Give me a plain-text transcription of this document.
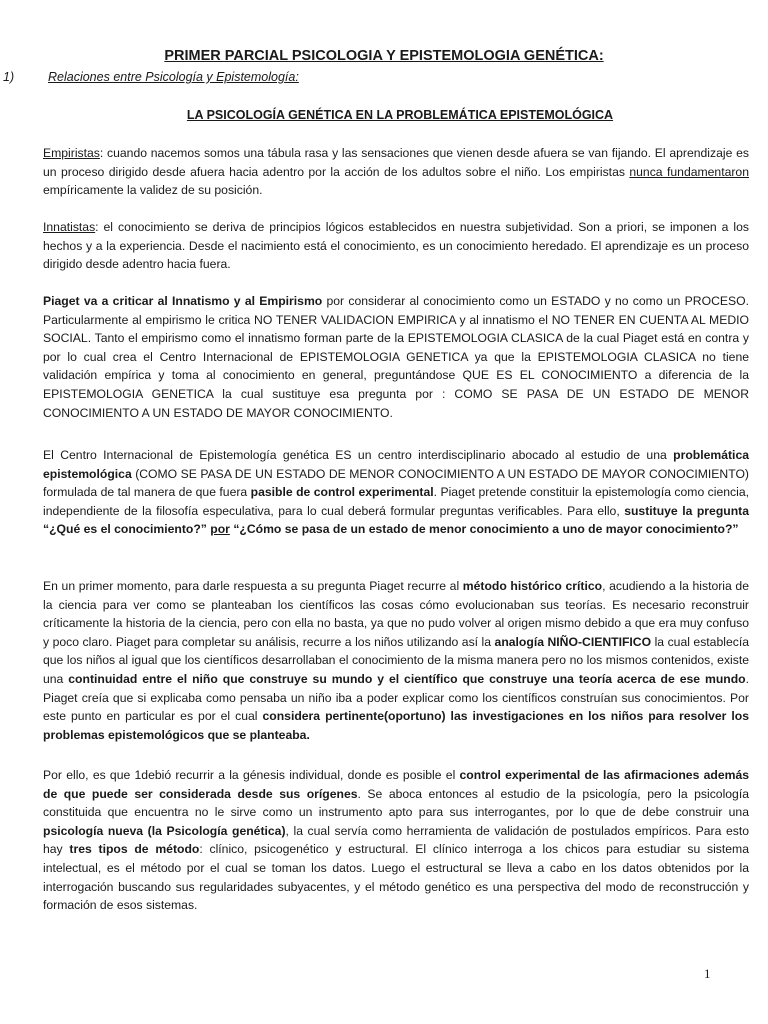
PRIMER PARCIAL PSICOLOGIA Y EPISTEMOLOGIA GENÉTICA:
1)	Relaciones entre Psicología y Epistemología:
LA PSICOLOGÍA GENÉTICA EN LA PROBLEMÁTICA EPISTEMOLÓGICA
Empiristas: cuando nacemos somos una tábula rasa y las sensaciones que vienen desde afuera se van fijando. El aprendizaje es un proceso dirigido desde afuera hacia adentro por la acción de los adultos sobre el niño. Los empiristas nunca fundamentaron empíricamente la validez de su posición.
Innatistas: el conocimiento se deriva de principios lógicos establecidos en nuestra subjetividad. Son a priori, se imponen a los hechos y a la experiencia. Desde el nacimiento está el conocimiento, es un conocimiento heredado. El aprendizaje es un proceso dirigido desde adentro hacia fuera.
Piaget va a criticar al Innatismo y al Empirismo por considerar al conocimiento como un ESTADO y no como un PROCESO. Particularmente al empirismo le critica NO TENER VALIDACION EMPIRICA y al innatismo el NO TENER EN CUENTA AL MEDIO SOCIAL. Tanto el empirismo como el innatismo forman parte de la EPISTEMOLOGIA CLASICA de la cual Piaget está en contra y por lo cual crea el Centro Internacional de EPISTEMOLOGIA GENETICA ya que la EPISTEMOLOGIA CLASICA no tiene validación empírica y toma al conocimiento en general, preguntándose QUE ES EL CONOCIMIENTO a diferencia de la EPISTEMOLOGIA GENETICA la cual sustituye esa pregunta por : COMO SE PASA DE UN ESTADO DE MENOR CONOCIMIENTO A UN ESTADO DE MAYOR CONOCIMIENTO.
El Centro Internacional de Epistemología genética ES un centro interdisciplinario abocado al estudio de una problemática epistemológica (COMO SE PASA DE UN ESTADO DE MENOR CONOCIMIENTO A UN ESTADO DE MAYOR CONOCIMIENTO) formulada de tal manera de que fuera pasible de control experimental. Piaget pretende constituir la epistemología como ciencia, independiente de la filosofía especulativa, para lo cual deberá formular preguntas verificables. Para ello, sustituye la pregunta “¿Qué es el conocimiento?” por “¿Cómo se pasa de un estado de menor conocimiento a uno de mayor conocimiento?”
En un primer momento, para darle respuesta a su pregunta Piaget recurre al método histórico crítico, acudiendo a la historia de la ciencia para ver como se planteaban los científicos las cosas cómo evolucionaban sus teorías. Es necesario reconstruir críticamente la historia de la ciencia, pero con ella no basta, ya que no pudo volver al origen mismo debido a que era muy confuso y poco claro. Piaget para completar su análisis, recurre a los niños utilizando así la analogía NIÑO-CIENTIFICO la cual establecía que los niños al igual que los científicos desarrollaban el conocimiento de la misma manera pero no los mismos contenidos, existe una continuidad entre el niño que construye su mundo y el científico que construye una teoría acerca de ese mundo. Piaget creía que si explicaba como pensaba un niño iba a poder explicar como los científicos construían sus conocimientos. Por este punto en particular es por el cual considera pertinente(oportuno) las investigaciones en los niños para resolver los problemas epistemológicos que se planteaba.
Por ello, es que 1debió recurrir a la génesis individual, donde es posible el control experimental de las afirmaciones además de que puede ser considerada desde sus orígenes. Se aboca entonces al estudio de la psicología, pero la psicología constituida que encuentra no le sirve como un instrumento apto para sus interrogantes, por lo que de debe construir una psicología nueva (la Psicología genética), la cual servía como herramienta de validación de postulados empíricos. Para esto hay tres tipos de método: clínico, psicogenético y estructural. El clínico interroga a los chicos para estudiar su sistema intelectual, es el método por el cual se toman los datos. Luego el estructural se lleva a cabo en los datos obtenidos por la interrogación buscando sus regularidades subyacentes, y el método genético es una perspectiva del modo de reconstrucción y formación de esos sistemas.
1
